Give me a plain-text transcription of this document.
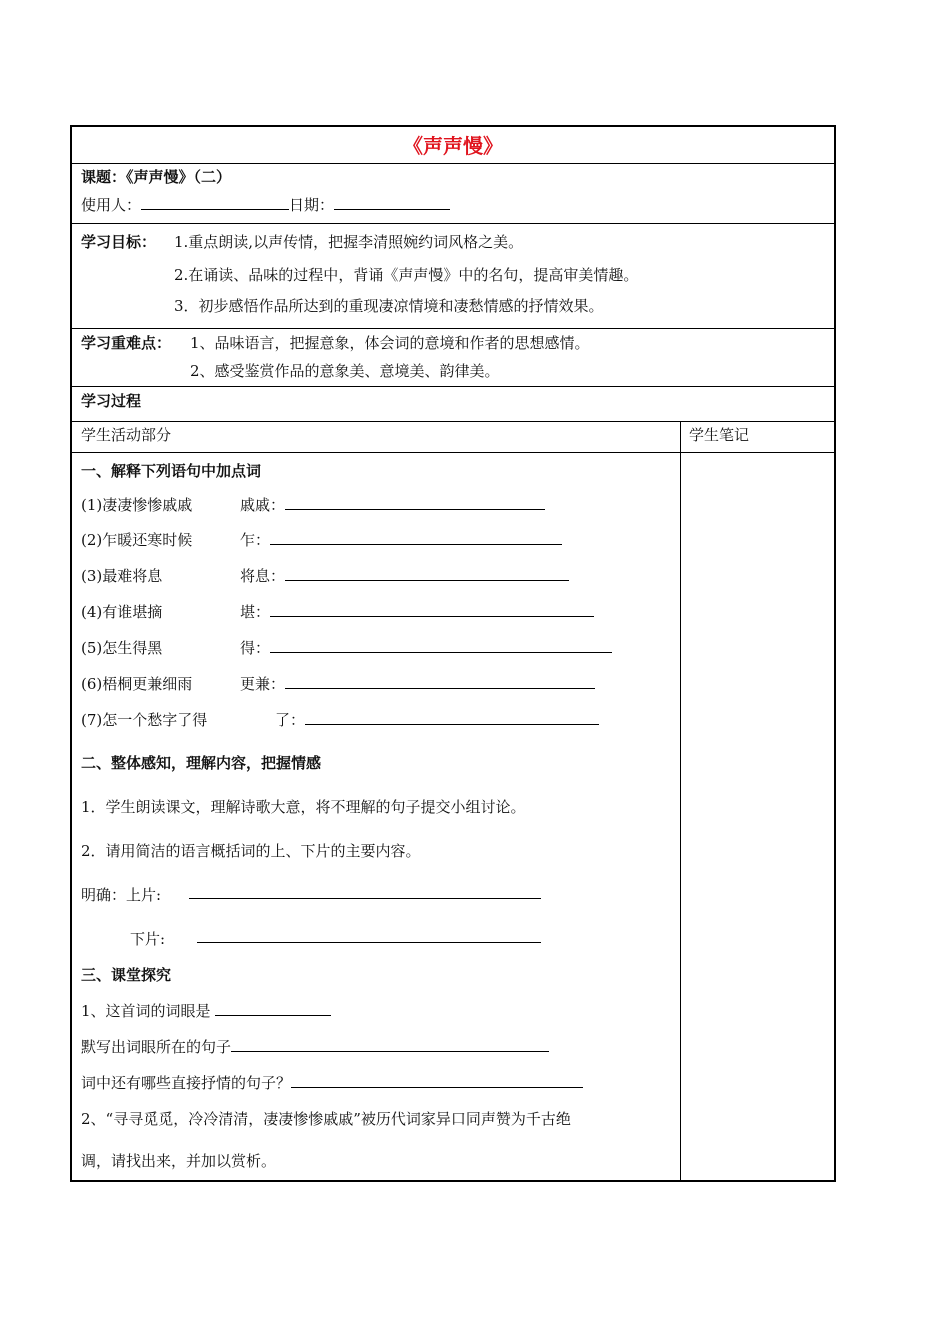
《声声慢》
课题：《声声慢》（二）
使用人：	日期：
学习目标： 1.重点朗读,以声传情，把握李清照婉约词风格之美。
2.在诵读、品味的过程中，背诵《声声慢》中的名句，提高审美情趣。
3．初步感悟作品所达到的重现凄凉情境和凄愁情感的抒情效果。
学习重难点： 1、品味语言，把握意象，体会词的意境和作者的思想感情。
2、感受鉴赏作品的意象美、意境美、韵律美。
学习过程
学生活动部分	学生笔记
一、解释下列语句中加点词
(1)凄凄惨惨戚戚	戚戚：
(2)乍暖还寒时候	乍：
(3)最难将息	将息：
(4)有谁堪摘	堪：
(5)怎生得黑	得：
(6)梧桐更兼细雨	更兼：
(7)怎一个愁字了得	了：
二、整体感知，理解内容，把握情感
1．学生朗读课文，理解诗歌大意，将不理解的句子提交小组讨论。
2．请用简洁的语言概括词的上、下片的主要内容。
明确：上片:
下片:
三、课堂探究
1、这首词的词眼是
默写出词眼所在的句子
词中还有哪些直接抒情的句子？
2、“寻寻觅觅，冷冷清清，凄凄惨惨戚戚”被历代词家异口同声赞为千古绝
调，请找出来，并加以赏析。
